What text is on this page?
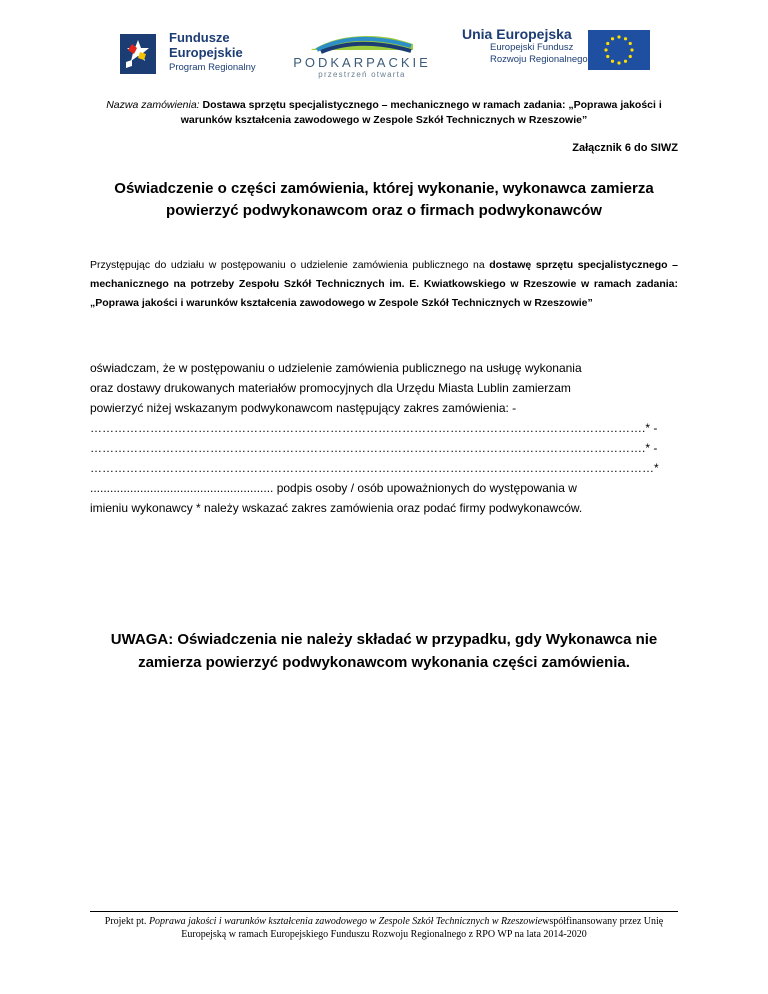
Fundusze
Europejskie
Program Regionalny	PODKARPACKIE
przestrzeń otwarta
Unia Europejska
Europejski Fundusz
Rozwoju Regionalnego
Nazwa zamówienia: Dostawa sprzętu specjalistycznego – mechanicznego w ramach zadania: „Poprawa jakości i warunków kształcenia zawodowego w Zespole Szkół Technicznych w Rzeszowie”
Załącznik 6 do SIWZ
Oświadczenie o części zamówienia, której wykonanie, wykonawca zamierza powierzyć podwykonawcom oraz o firmach podwykonawców
Przystępując do udziału w postępowaniu o udzielenie zamówienia publicznego na dostawę sprzętu specjalistycznego – mechanicznego na potrzeby Zespołu Szkół Technicznych im. E. Kwiatkowskiego w Rzeszowie w ramach zadania: „Poprawa jakości i warunków kształcenia zawodowego w Zespole Szkół Technicznych w Rzeszowie”
oświadczam, że w postępowaniu o udzielenie zamówienia publicznego na usługę wykonania
oraz dostawy drukowanych materiałów promocyjnych dla Urzędu Miasta Lublin zamierzam
powierzyć niżej wskazanym podwykonawcom następujący zakres zamówienia: -
………………………………………………………………………………………………………………………….* -
………………………………………………………………………………………………………………………….* -
……………………………………………………………………………………………………………………………*
....................................................... podpis osoby / osób upoważnionych do występowania w
imieniu wykonawcy * należy wskazać zakres zamówienia oraz podać firmy podwykonawców.
UWAGA: Oświadczenia nie należy składać w przypadku, gdy Wykonawca nie zamierza powierzyć podwykonawcom wykonania części zamówienia.
Projekt pt. Poprawa jakości i warunków kształcenia zawodowego w Zespole Szkół Technicznych w Rzeszowiewspółfinansowany przez Unię Europejską w ramach Europejskiego Funduszu Rozwoju Regionalnego z RPO WP na lata 2014-2020
